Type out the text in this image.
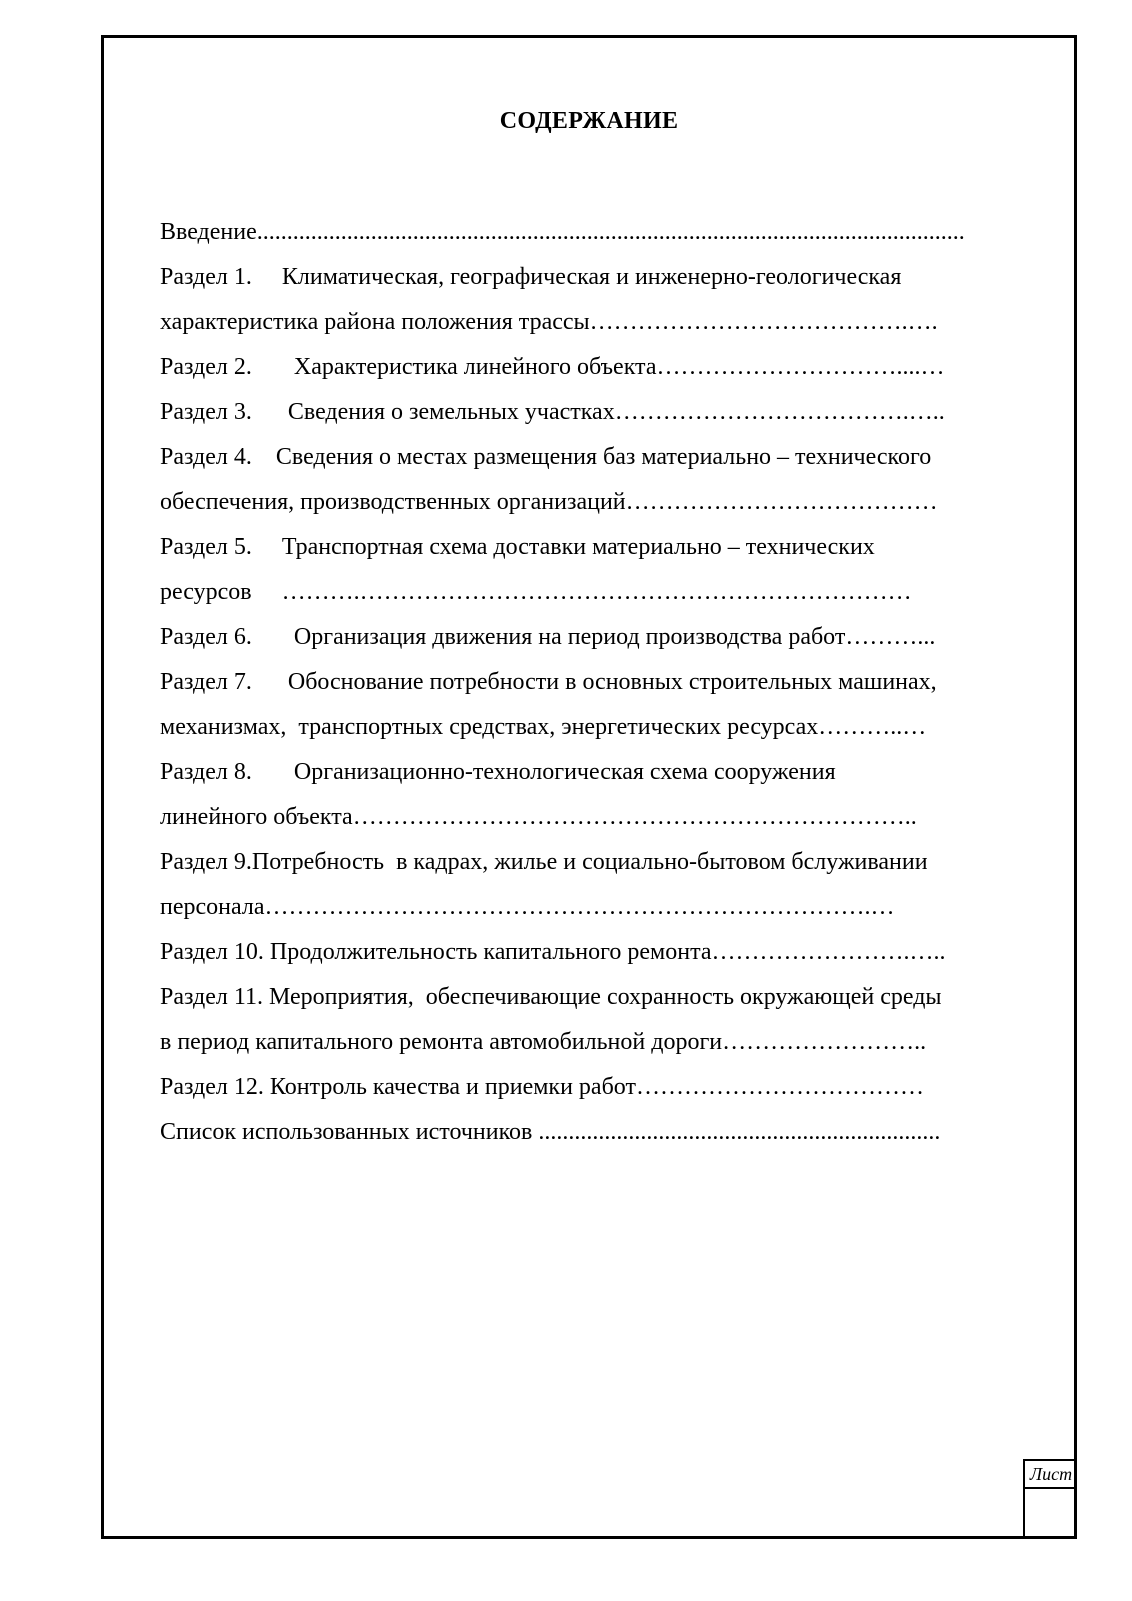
СОДЕРЖАНИЕ
Введение......................................................................................................................
Раздел 1.     Климатическая, географическая и инженерно-геологическая
характеристика района положения трассы………………………………….….
Раздел 2.       Характеристика линейного объекта…………………………....…
Раздел 3.      Сведения о земельных участках……………………………….…..
Раздел 4.    Сведения о местах размещения баз материально – технического
обеспечения, производственных организаций…………………………………
Раздел 5.     Транспортная схема доставки материально – технических
ресурсов     ……….……………………………………………………………
Раздел 6.       Организация движения на период производства работ………...
Раздел 7.      Обоснование потребности в основных строительных машинах,
механизмах,  транспортных средствах, энергетических ресурсах………..…
Раздел 8.       Организационно-технологическая схема сооружения
линейного объекта……………………………………………………………..
Раздел 9.Потребность  в кадрах, жилье и социально-бытовом бслуживании
персонала………………………………………………………………….…
Раздел 10. Продолжительность капитального ремонта…………………….…..
Раздел 11. Мероприятия,  обеспечивающие сохранность окружающей среды
в период капитального ремонта автомобильной дороги……………………..
Раздел 12. Контроль качества и приемки работ………………………………
Список использованных источников ...................................................................
Лист
